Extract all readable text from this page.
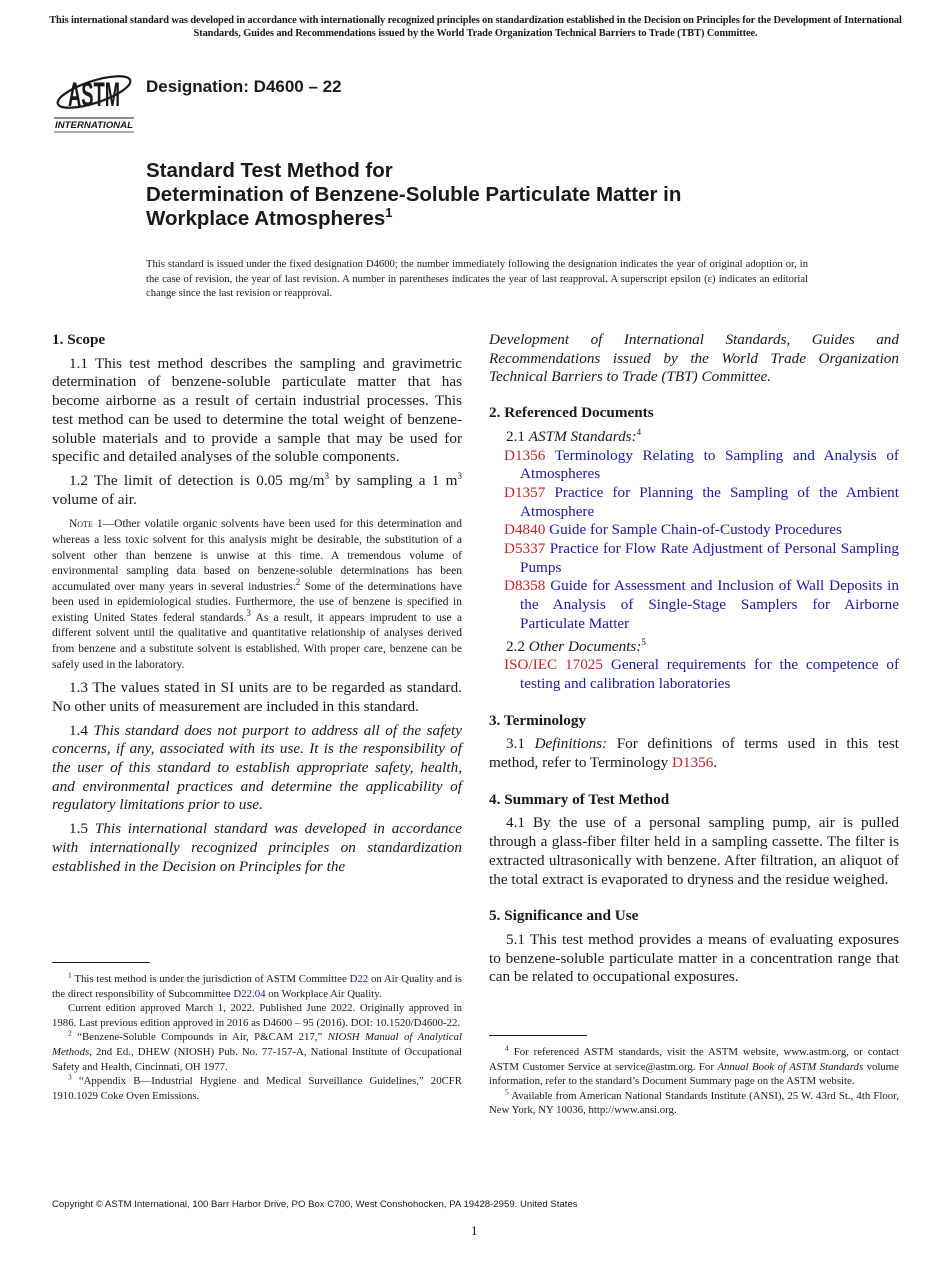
This international standard was developed in accordance with internationally recognized principles on standardization established in the Decision on Principles for the Development of International Standards, Guides and Recommendations issued by the World Trade Organization Technical Barriers to Trade (TBT) Committee.
ASTM
INTERNATIONAL
Designation: D4600 – 22
Standard Test Method for
Determination of Benzene-Soluble Particulate Matter in
Workplace Atmospheres$^1$
This standard is issued under the fixed designation D4600; the number immediately following the designation indicates the year of original adoption or, in the case of revision, the year of last revision. A number in parentheses indicates the year of last reapproval. A superscript epsilon (ε) indicates an editorial change since the last revision or reapproval.
1. Scope

1.1 This test method describes the sampling and gravimetric determination of benzene-soluble particulate matter that has become airborne as a result of certain industrial processes. This test method can be used to determine the total weight of benzene-soluble materials and to provide a sample that may be used for specific and detailed analyses of the soluble components.

1.2 The limit of detection is 0.05 $mg/m^3$ by sampling a 1 $m^3$ volume of air.

Note 1—Other volatile organic solvents have been used for this determination and whereas a less toxic solvent for this analysis might be desirable, the substitution of a solvent other than benzene is unwise at this time. A tremendous volume of environmental sampling data based on benzene-soluble determinations has been accumulated over many years in several industries.$^2$ Some of the determinations have been used in epidemiological studies. Furthermore, the use of benzene is specified in existing United States federal standards.$^3$ As a result, it appears imprudent to use a different solvent until the qualitative and quantitative relationship of analyses derived from benzene and a substitute solvent is established. With proper care, benzene can be safely used in the laboratory.

1.3 The values stated in SI units are to be regarded as standard. No other units of measurement are included in this standard.

1.4 This standard does not purport to address all of the safety concerns, if any, associated with its use. It is the responsibility of the user of this standard to establish appropriate safety, health, and environmental practices and determine the applicability of regulatory limitations prior to use.

1.5 This international standard was developed in accordance with internationally recognized principles on standardization established in the Decision on Principles for the

$^1$ This test method is under the jurisdiction of ASTM Committee D22 on Air Quality and is the direct responsibility of Subcommittee D22.04 on Workplace Air Quality.

Current edition approved March 1, 2022. Published June 2022. Originally approved in 1986. Last previous edition approved in 2016 as D4600 – 95 (2016). DOI: 10.1520/D4600-22.

$^2$ “Benzene-Soluble Compounds in Air, P&CAM 217,” NIOSH Manual of Analytical Methods, 2nd Ed., DHEW (NIOSH) Pub. No. 77-157-A, National Institute of Occupational Safety and Health, Cincinnati, OH 1977.

$^3$ “Appendix B—Industrial Hygiene and Medical Surveillance Guidelines,” 20CFR 1910.1029 Coke Oven Emissions.

Development of International Standards, Guides and Recommendations issued by the World Trade Organization Technical Barriers to Trade (TBT) Committee.

2. Referenced Documents

2.1 ASTM Standards:$^4$

D1356 Terminology Relating to Sampling and Analysis of Atmospheres

D1357 Practice for Planning the Sampling of the Ambient Atmosphere

D4840 Guide for Sample Chain-of-Custody Procedures

D5337 Practice for Flow Rate Adjustment of Personal Sampling Pumps

D8358 Guide for Assessment and Inclusion of Wall Deposits in the Analysis of Single-Stage Samplers for Airborne Particulate Matter

2.2 Other Documents:$^5$

ISO/IEC 17025 General requirements for the competence of testing and calibration laboratories

3. Terminology

3.1 Definitions: For definitions of terms used in this test method, refer to Terminology D1356.

4. Summary of Test Method

4.1 By the use of a personal sampling pump, air is pulled through a glass-fiber filter held in a sampling cassette. The filter is extracted ultrasonically with benzene. After filtration, an aliquot of the total extract is evaporated to dryness and the residue weighed.

5. Significance and Use

5.1 This test method provides a means of evaluating exposures to benzene-soluble particulate matter in a concentration range that can be related to occupational exposures.

$^4$ For referenced ASTM standards, visit the ASTM website, www.astm.org, or contact ASTM Customer Service at service@astm.org. For Annual Book of ASTM Standards volume information, refer to the standard’s Document Summary page on the ASTM website.

$^5$ Available from American National Standards Institute (ANSI), 25 W. 43rd St., 4th Floor, New York, NY 10036, http://www.ansi.org.

Copyright © ASTM International, 100 Barr Harbor Drive, PO Box C700, West Conshohocken, PA 19428-2959. United States
1
